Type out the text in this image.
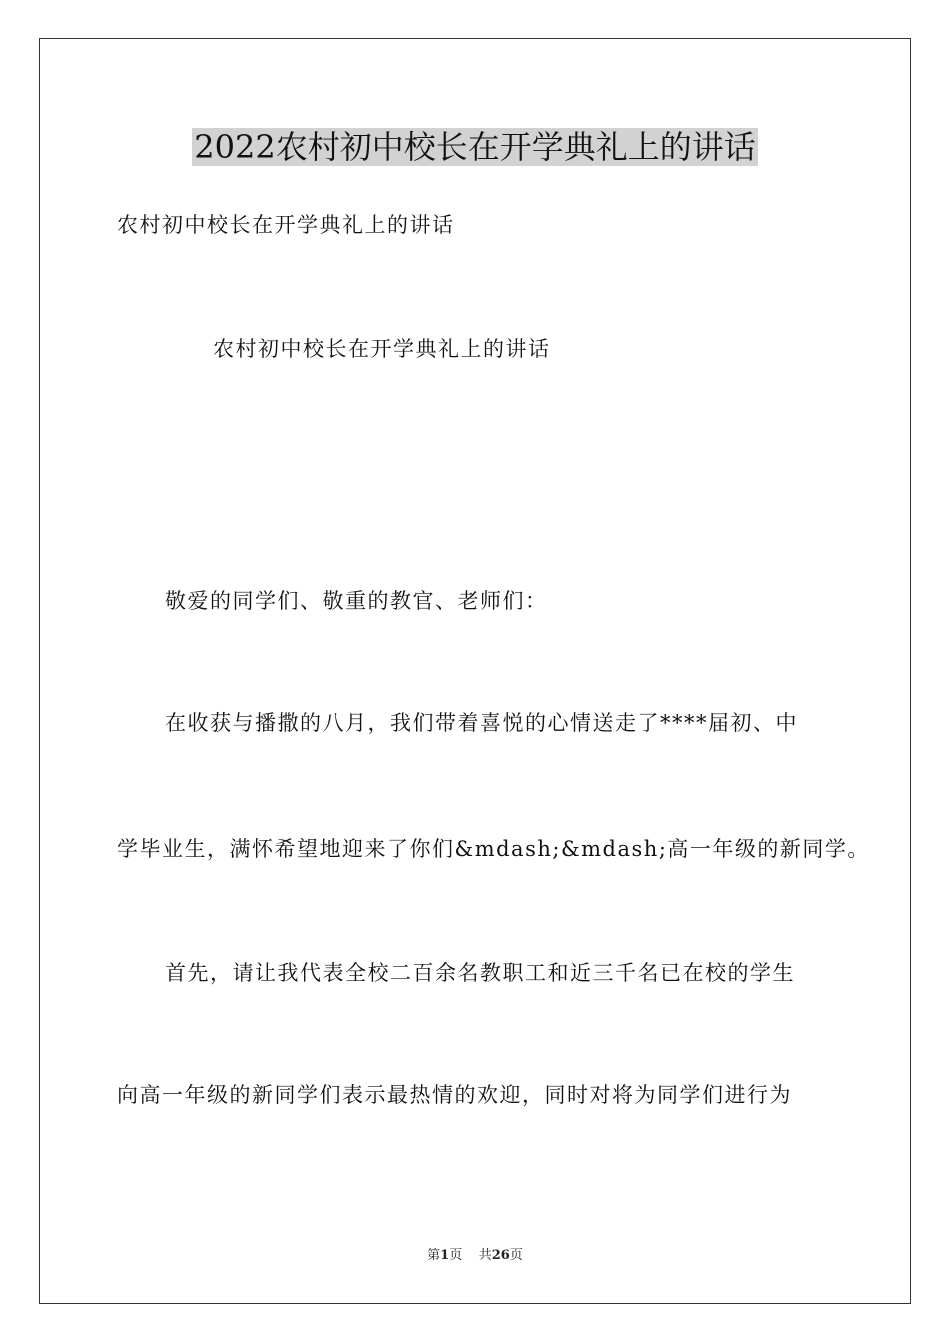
2022农村初中校长在开学典礼上的讲话
农村初中校长在开学典礼上的讲话
农村初中校长在开学典礼上的讲话
敬爱的同学们、敬重的教官、老师们：
在收获与播撒的八月，我们带着喜悦的心情送走了****届初、中
学毕业生，满怀希望地迎来了你们&mdash;&mdash;高一年级的新同学。
首先，请让我代表全校二百余名教职工和近三千名已在校的学生
向高一年级的新同学们表示最热情的欢迎，同时对将为同学们进行为
第1页 共26页
